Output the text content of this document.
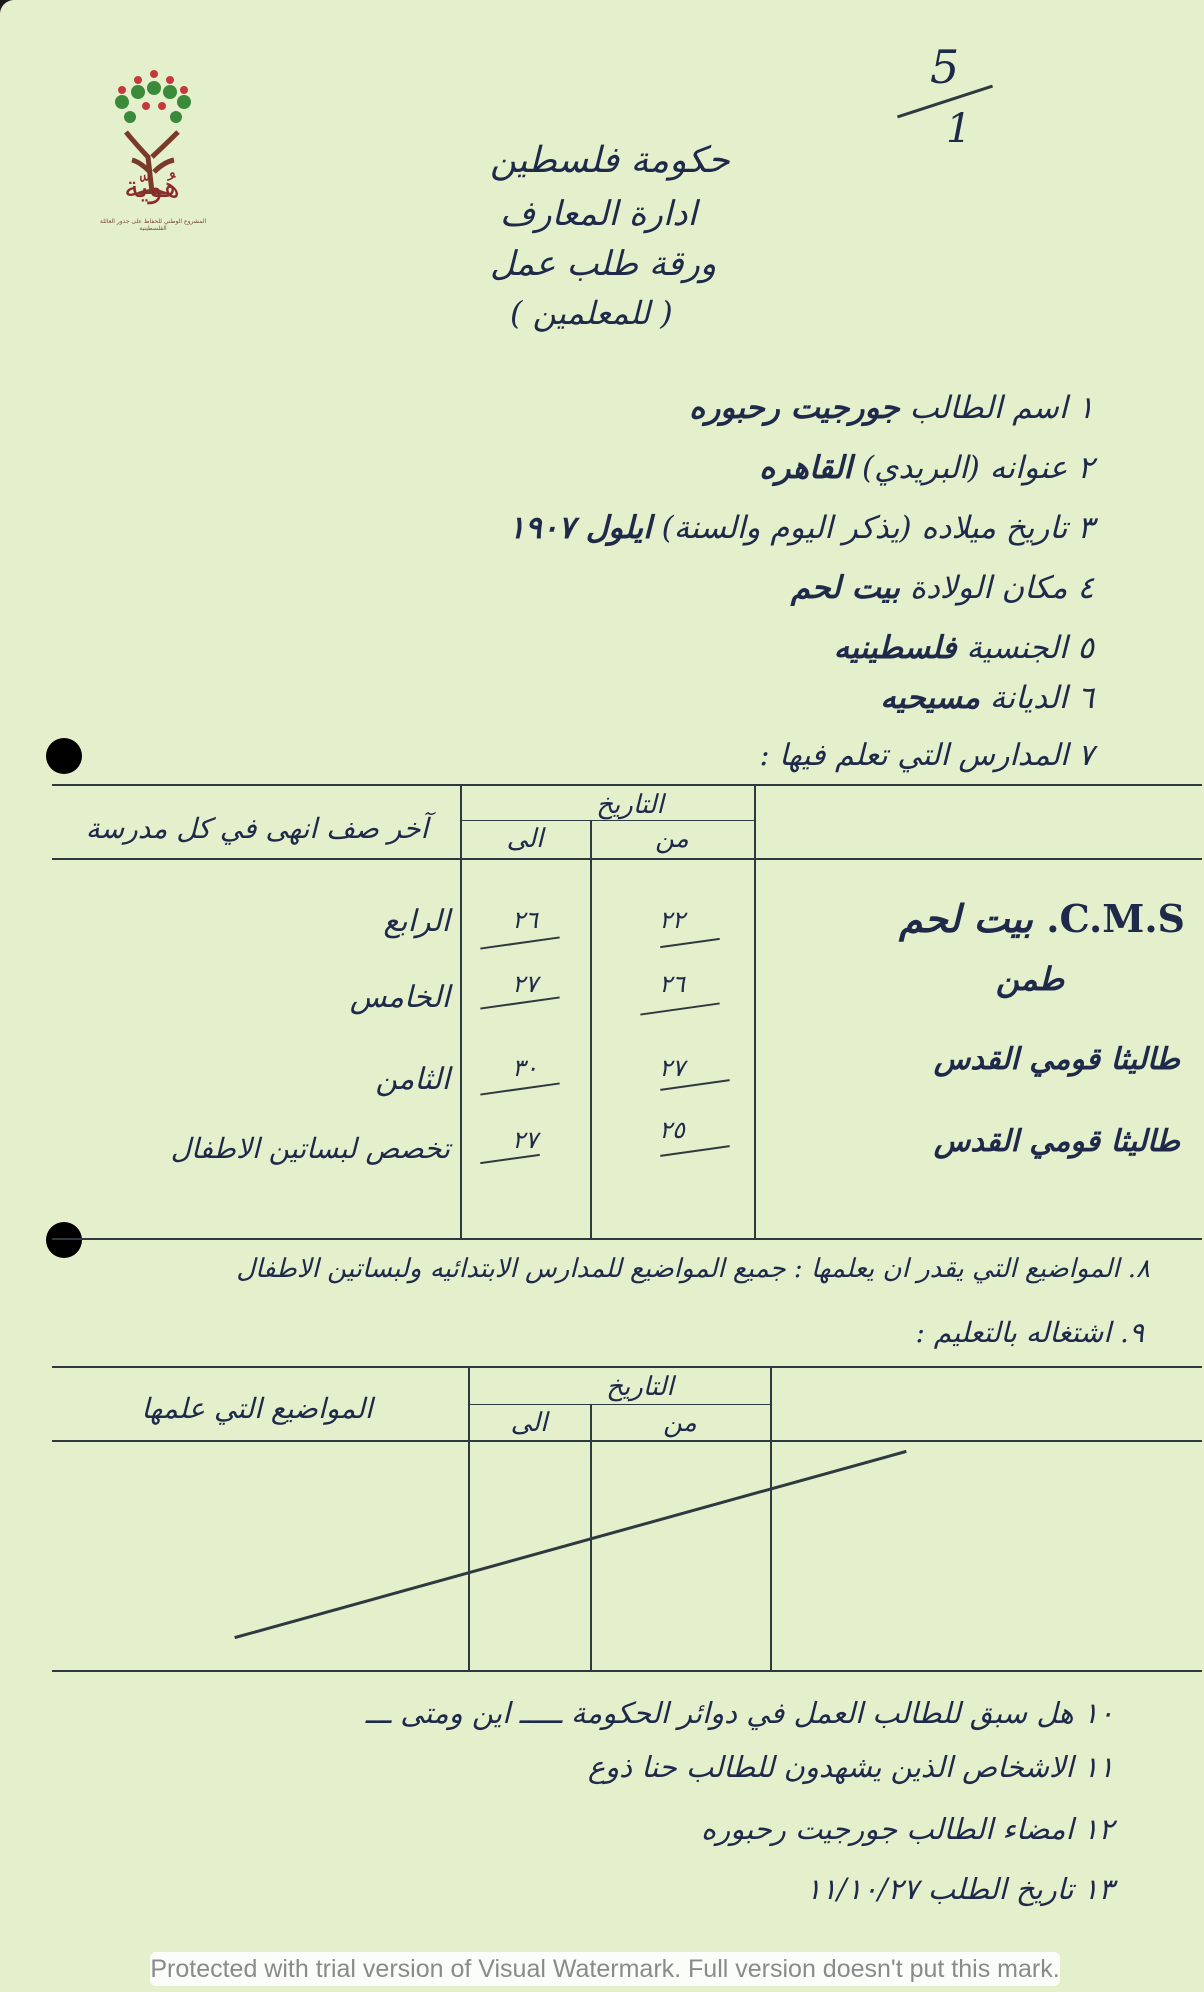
هُويّة
المشروع الوطني للحفاظ على جذور العائلة الفلسطينية
5
1
حكومة فلسطين
ادارة المعارف
ورقة طلب عمل
( للمعلمين )
١ اسم الطالب جورجيت رحبوره
٢ عنوانه (البريدي) القاهره
٣ تاريخ ميلاده (يذكر اليوم والسنة) ايلول ١٩٠٧
٤ مكان الولادة بيت لحم
٥ الجنسية فلسطينيه
٦ الديانة مسيحيه
٧ المدارس التي تعلم فيها :
آخر صف انهى في كل مدرسة
التاريخ
الى	من
C.M.S. بيت لحم
٢٢
٢٦
الرابع
طمن
٢٦
٢٧
الخامس
طاليثا قومي القدس
٢٧
٣٠
الثامن
طاليثا قومي القدس
٢٥
٢٧
تخصص لبساتين الاطفال
٨. المواضيع التي يقدر ان يعلمها : جميع المواضيع للمدارس الابتدائيه ولبساتين الاطفال
٩. اشتغاله بالتعليم :
المواضيع التي علمها
التاريخ
الى	من
١٠ هل سبق للطالب العمل في دوائر الحكومة ـــــ اين ومتى ـــ
١١ الاشخاص الذين يشهدون للطالب حنا ذوع
١٢ امضاء الطالب جورجيت رحبوره
١٣ تاريخ الطلب ١١/١٠/٢٧
Protected with trial version of Visual Watermark. Full version doesn't put this mark.
